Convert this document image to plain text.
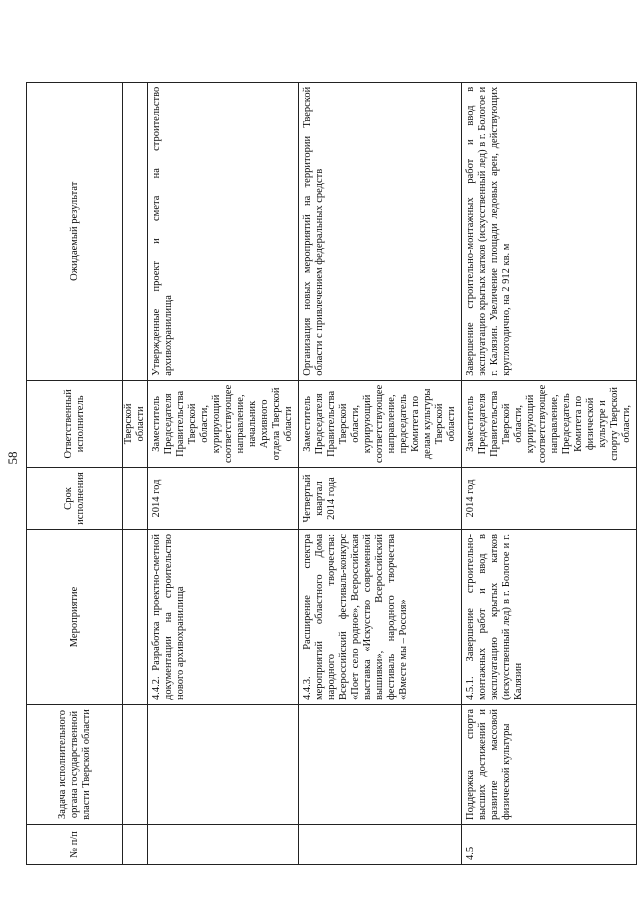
58
№ п/п	Задача исполнительного органа государственной власти Тверской области	Мероприятие	Срок исполнения	Ответственный исполнитель	Ожидаемый результат
				Тверской области	
		4.4.2. Разработка проектно-сметной документации на строительство нового архивохранилища	2014 год	Заместитель Председателя Правительства Тверской области, курирующий соответствующее направление, начальник Архивного отдела Тверской области	Утвержденные проект и смета на строительство архивохранилища
		4.4.3. Расширение спектра мероприятий областного Дома народного творчества: Всероссийский фестиваль-конкурс «Поет село родное», Всероссийская выставка «Искусство современной вышивки», Всероссийский фестиваль народного творчества «Вместе мы – Россия»	Четвертый квартал 2014 года	Заместитель Председателя Правительства Тверской области, курирующий соответствующее направление, председатель Комитета по делам культуры Тверской области	Организация новых мероприятий на территории Тверской области с привлечением федеральных средств
4.5	Поддержка спорта высших достижений и развитие массовой физической культуры	4.5.1. Завершение строительно-монтажных работ и ввод в эксплуатацию крытых катков (искусственный лед) в г. Бологое и г. Калязин	2014 год	Заместитель Председателя Правительства Тверской области, курирующий соответствующее направление, Председатель Комитета по физической культуре и спорту Тверской области,	Завершение строительно-монтажных работ и ввод в эксплуатацию крытых катков (искусственный лед) в г. Бологое и г. Калязин. Увеличение площади ледовых арен, действующих круглогодично, на 2 912 кв. м
